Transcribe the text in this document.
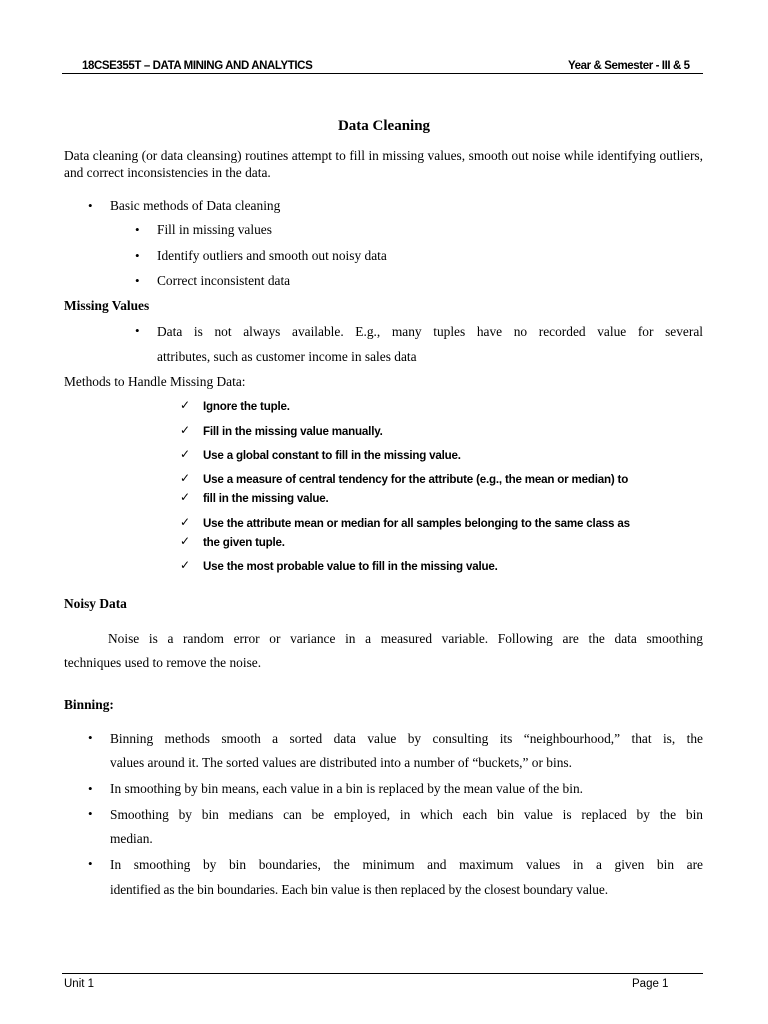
18CSE355T – DATA MINING AND ANALYTICS	Year & Semester - III & 5
Data Cleaning
Data cleaning (or data cleansing) routines attempt to fill in missing values, smooth out noise while identifying outliers, and correct inconsistencies in the data.
• Basic methods of Data cleaning
• Fill in missing values
• Identify outliers and smooth out noisy data
• Correct inconsistent data
Missing Values
• Data is not always available. E.g., many tuples have no recorded value for several
attributes, such as customer income in sales data
Methods to Handle Missing Data:
✓ Ignore the tuple.
✓ Fill in the missing value manually.
✓ Use a global constant to fill in the missing value.
✓ Use a measure of central tendency for the attribute (e.g., the mean or median) to
✓ fill in the missing value.
✓ Use the attribute mean or median for all samples belonging to the same class as
✓ the given tuple.
✓ Use the most probable value to fill in the missing value.
Noisy Data
Noise is a random error or variance in a measured variable. Following are the data smoothing
techniques used to remove the noise.
Binning:
• Binning methods smooth a sorted data value by consulting its “neighbourhood,” that is, the
values around it. The sorted values are distributed into a number of “buckets,” or bins.
• In smoothing by bin means, each value in a bin is replaced by the mean value of the bin.
• Smoothing by bin medians can be employed, in which each bin value is replaced by the bin
median.
• In smoothing by bin boundaries, the minimum and maximum values in a given bin are
identified as the bin boundaries. Each bin value is then replaced by the closest boundary value.
Unit 1	Page 1
